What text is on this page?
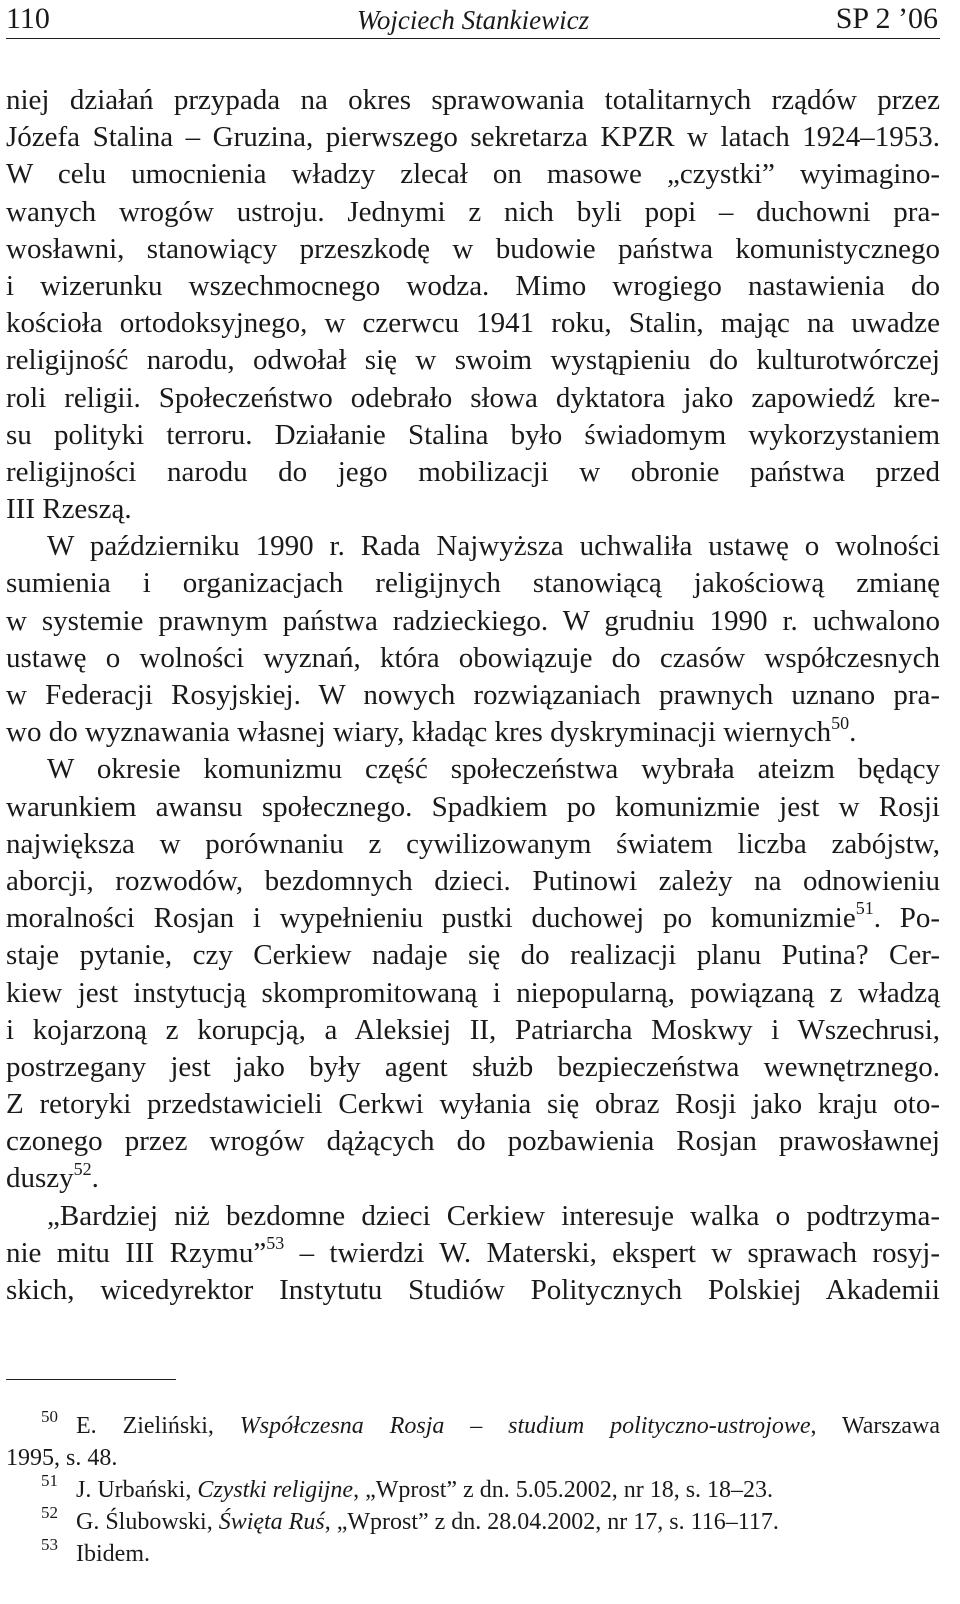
110	Wojciech Stankiewicz	SP 2 ’06
niej działań przypada na okres sprawowania totalitarnych rządów przez
Józefa Stalina – Gruzina, pierwszego sekretarza KPZR w latach 1924–1953.
W celu umocnienia władzy zlecał on masowe „czystki” wyimagino-
wanych wrogów ustroju. Jednymi z nich byli popi – duchowni pra-
wosławni, stanowiący przeszkodę w budowie państwa komunistycznego
i wizerunku wszechmocnego wodza. Mimo wrogiego nastawienia do
kościoła ortodoksyjnego, w czerwcu 1941 roku, Stalin, mając na uwadze
religijność narodu, odwołał się w swoim wystąpieniu do kulturotwórczej
roli religii. Społeczeństwo odebrało słowa dyktatora jako zapowiedź kre-
su polityki terroru. Działanie Stalina było świadomym wykorzystaniem
religijności narodu do jego mobilizacji w obronie państwa przed
III Rzeszą.
W październiku 1990 r. Rada Najwyższa uchwaliła ustawę o wolności
sumienia i organizacjach religijnych stanowiącą jakościową zmianę
w systemie prawnym państwa radzieckiego. W grudniu 1990 r. uchwalono
ustawę o wolności wyznań, która obowiązuje do czasów współczesnych
w Federacji Rosyjskiej. W nowych rozwiązaniach prawnych uznano pra-
wo do wyznawania własnej wiary, kładąc kres dyskryminacji wiernych$^{50}$.
W okresie komunizmu część społeczeństwa wybrała ateizm będący
warunkiem awansu społecznego. Spadkiem po komunizmie jest w Rosji
największa w porównaniu z cywilizowanym światem liczba zabójstw,
aborcji, rozwodów, bezdomnych dzieci. Putinowi zależy na odnowieniu
moralności Rosjan i wypełnieniu pustki duchowej po komunizmie$^{51}$. Po-
staje pytanie, czy Cerkiew nadaje się do realizacji planu Putina? Cer-
kiew jest instytucją skompromitowaną i niepopularną, powiązaną z władzą
i kojarzoną z korupcją, a Aleksiej II, Patriarcha Moskwy i Wszechrusi,
postrzegany jest jako były agent służb bezpieczeństwa wewnętrznego.
Z retoryki przedstawicieli Cerkwi wyłania się obraz Rosji jako kraju oto-
czonego przez wrogów dążących do pozbawienia Rosjan prawosławnej
duszy$^{52}$.
„Bardziej niż bezdomne dzieci Cerkiew interesuje walka o podtrzyma-
nie mitu III Rzymu”$^{53}$ – twierdzi W. Materski, ekspert w sprawach rosyj-
skich, wicedyrektor Instytutu Studiów Politycznych Polskiej Akademii
50 E. Zieliński, Współczesna Rosja – studium polityczno-ustrojowe, Warszawa
1995, s. 48.
51 J. Urbański, Czystki religijne, „Wprost” z dn. 5.05.2002, nr 18, s. 18–23.
52 G. Ślubowski, Święta Ruś, „Wprost” z dn. 28.04.2002, nr 17, s. 116–117.
53 Ibidem.
